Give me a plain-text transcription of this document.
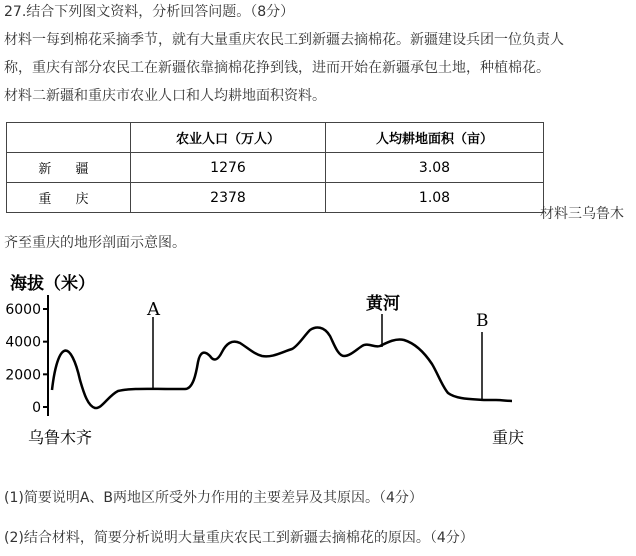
27.结合下列图文资料，分析回答问题。（8分）
材料一每到棉花采摘季节，就有大量重庆农民工到新疆去摘棉花。新疆建设兵团一位负责人
称，重庆有部分农民工在新疆依靠摘棉花挣到钱，进而开始在新疆承包土地，种植棉花。
材料二新疆和重庆市农业人口和人均耕地面积资料。
	农业人口（万人）	人均耕地面积（亩）
新 疆	1276	3.08
重 庆	2378	1.08
材料三乌鲁木
齐至重庆的地形剖面示意图。
海拔（米）
6000
4000
2000
0
A
B
黄河
乌鲁木齐	重庆
(1)简要说明A、B两地区所受外力作用的主要差异及其原因。（4分）
(2)结合材料，简要分析说明大量重庆农民工到新疆去摘棉花的原因。（4分）
